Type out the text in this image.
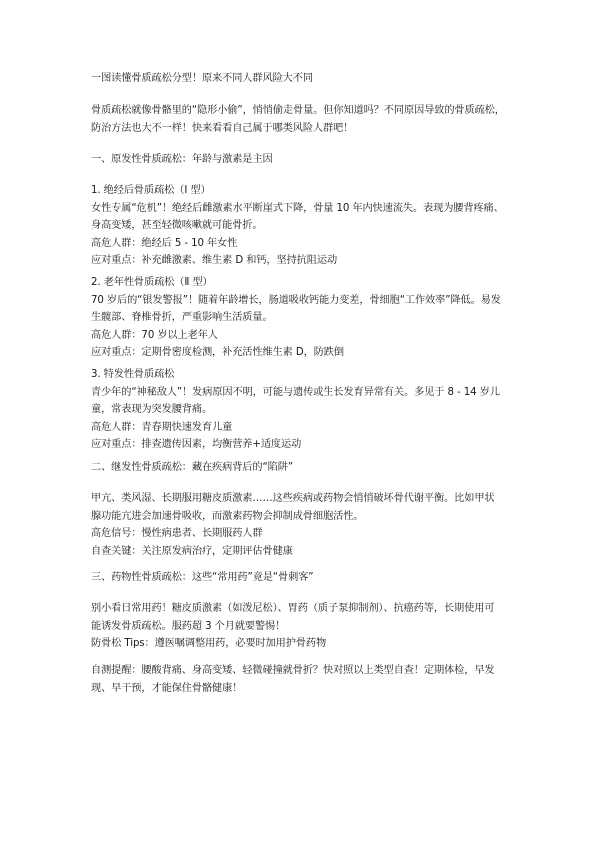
一图读懂骨质疏松分型！原来不同人群风险大不同
骨质疏松就像骨骼里的“隐形小偷”，悄悄偷走骨量。但你知道吗？不同原因导致的骨质疏松，
防治方法也大不一样！快来看看自己属于哪类风险人群吧！
一、原发性骨质疏松：年龄与激素是主因
1. 绝经后骨质疏松（Ⅰ 型）
女性专属“危机”！绝经后雌激素水平断崖式下降，骨量 10 年内快速流失。表现为腰背疼痛、
身高变矮，甚至轻微咳嗽就可能骨折。
高危人群：绝经后 5 - 10 年女性
应对重点：补充雌激素、维生素 D 和钙，坚持抗阻运动
2. 老年性骨质疏松（Ⅱ 型）
70 岁后的“银发警报”！随着年龄增长，肠道吸收钙能力变差，骨细胞“工作效率”降低。易发
生髋部、脊椎骨折，严重影响生活质量。
高危人群：70 岁以上老年人
应对重点：定期骨密度检测，补充活性维生素 D，防跌倒
3. 特发性骨质疏松
青少年的“神秘敌人”！发病原因不明，可能与遗传或生长发育异常有关。多见于 8 - 14 岁儿
童，常表现为突发腰背痛。
高危人群：青春期快速发育儿童
应对重点：排查遗传因素，均衡营养+适度运动
二、继发性骨质疏松：藏在疾病背后的“陷阱”
甲亢、类风湿、长期服用糖皮质激素……这些疾病或药物会悄悄破坏骨代谢平衡。比如甲状
腺功能亢进会加速骨吸收，而激素药物会抑制成骨细胞活性。
高危信号：慢性病患者、长期服药人群
自查关键：关注原发病治疗，定期评估骨健康
三、药物性骨质疏松：这些“常用药”竟是“骨刺客”
别小看日常用药！糖皮质激素（如泼尼松）、胃药（质子泵抑制剂）、抗癌药等，长期使用可
能诱发骨质疏松。服药超 3 个月就要警惕！
防骨松 Tips：遵医嘱调整用药，必要时加用护骨药物
自测提醒：腰酸背痛、身高变矮、轻微碰撞就骨折？快对照以上类型自查！定期体检，早发
现、早干预，才能保住骨骼健康！
